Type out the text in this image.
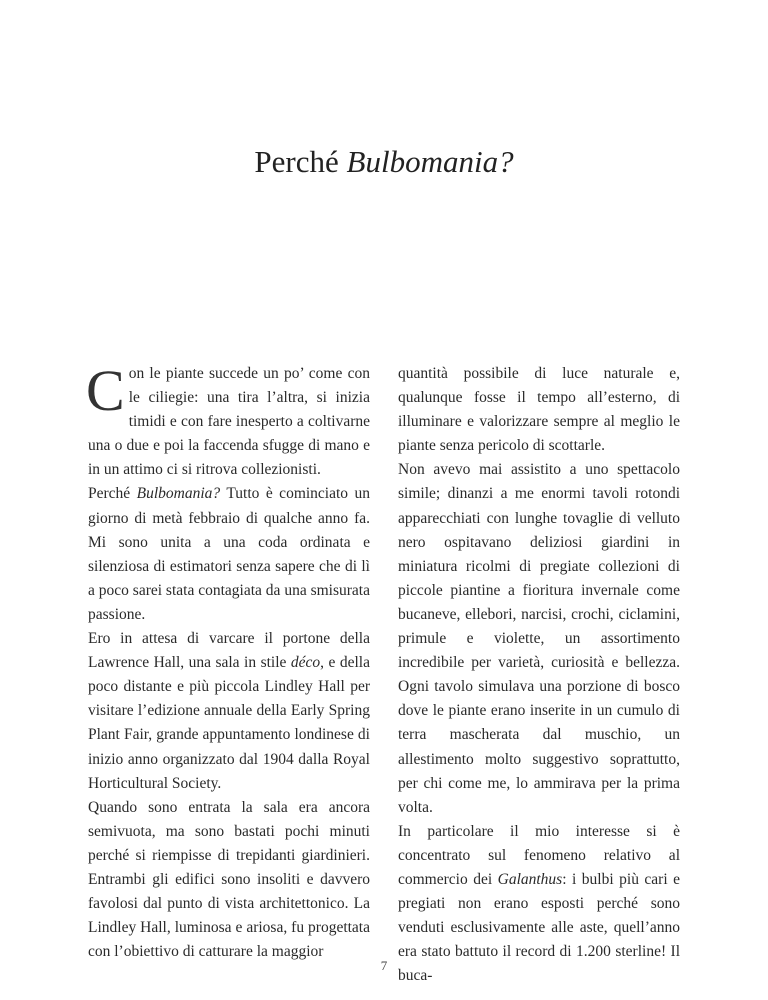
Perché Bulbomania?

Con le piante succede un po’ come con le ciliegie: una tira l’altra, si inizia timidi e con fare inesperto a coltivarne una o due e poi la faccenda sfugge di mano e in un attimo ci si ritrova collezionisti.

Perché Bulbomania? Tutto è cominciato un giorno di metà febbraio di qualche anno fa. Mi sono unita a una coda ordinata e silenziosa di estimatori senza sapere che di lì a poco sarei stata contagiata da una smisurata passione.

Ero in attesa di varcare il portone della Lawrence Hall, una sala in stile déco, e della poco distante e più piccola Lindley Hall per visitare l’edizione annuale della Early Spring Plant Fair, grande appuntamento londinese di inizio anno organizzato dal 1904 dalla Royal Horticultural Society.

Quando sono entrata la sala era ancora semivuota, ma sono bastati pochi minuti perché si riempisse di trepidanti giardinieri. Entrambi gli edifici sono insoliti e davvero favolosi dal punto di vista architettonico. La Lindley Hall, luminosa e ariosa, fu progettata con l’obiettivo di catturare la maggior

quantità possibile di luce naturale e, qualunque fosse il tempo all’esterno, di illuminare e valorizzare sempre al meglio le piante senza pericolo di scottarle.

Non avevo mai assistito a uno spettacolo simile; dinanzi a me enormi tavoli rotondi apparecchiati con lunghe tovaglie di velluto nero ospitavano deliziosi giardini in miniatura ricolmi di pregiate collezioni di piccole piantine a fioritura invernale come bucaneve, ellebori, narcisi, crochi, ciclamini, primule e violette, un assortimento incredibile per varietà, curiosità e bellezza. Ogni tavolo simulava una porzione di bosco dove le piante erano inserite in un cumulo di terra mascherata dal muschio, un allestimento molto suggestivo soprattutto, per chi come me, lo ammirava per la prima volta.

In particolare il mio interesse si è concentrato sul fenomeno relativo al commercio dei Galanthus: i bulbi più cari e pregiati non erano esposti perché sono venduti esclusivamente alle aste, quell’anno era stato battuto il record di 1.200 sterline! Il buca-

7
